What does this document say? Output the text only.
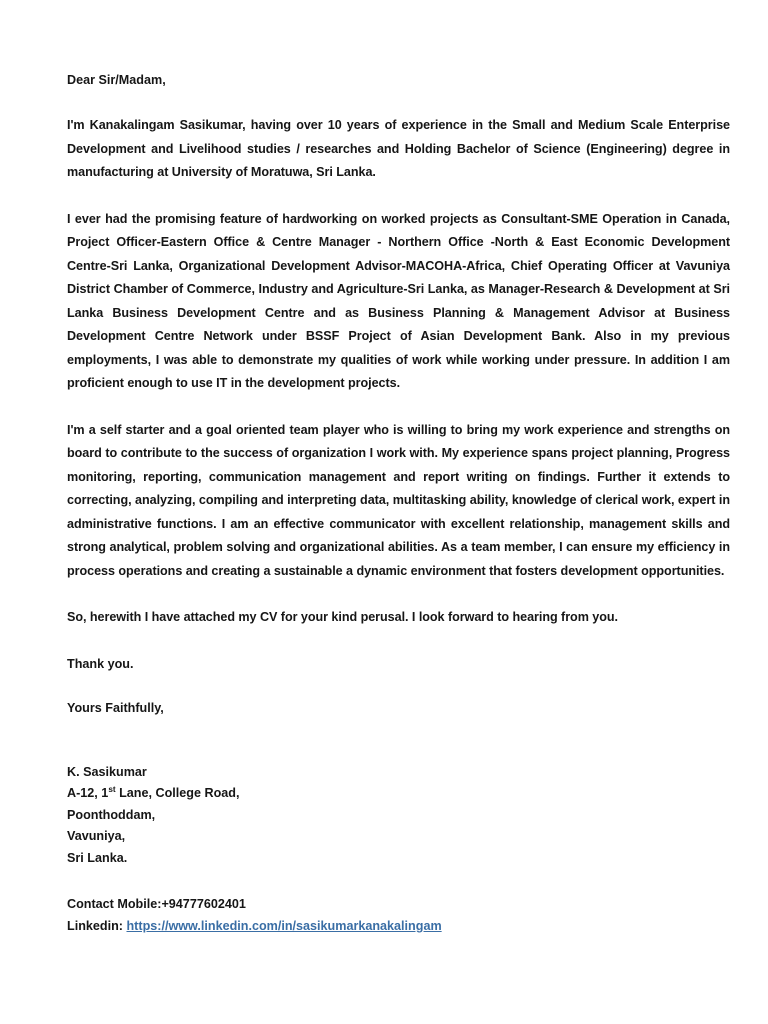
Dear Sir/Madam,

I'm Kanakalingam Sasikumar, having over 10 years of experience in the Small and Medium Scale Enterprise Development and Livelihood studies / researches and Holding Bachelor of Science (Engineering) degree in manufacturing at University of Moratuwa, Sri Lanka.

I ever had the promising feature of hardworking on worked projects as Consultant-SME Operation in Canada, Project Officer-Eastern Office & Centre Manager - Northern Office -North & East Economic Development Centre-Sri Lanka, Organizational Development Advisor-MACOHA-Africa, Chief Operating Officer at Vavuniya District Chamber of Commerce, Industry and Agriculture-Sri Lanka, as Manager-Research & Development at Sri Lanka Business Development Centre and as Business Planning & Management Advisor at Business Development Centre Network under BSSF Project of Asian Development Bank. Also in my previous employments, I was able to demonstrate my qualities of work while working under pressure. In addition I am proficient enough to use IT in the development projects.

I'm a self starter and a goal oriented team player who is willing to bring my work experience and strengths on board to contribute to the success of organization I work with. My experience spans project planning, Progress monitoring, reporting, communication management and report writing on findings. Further it extends to correcting, analyzing, compiling and interpreting data, multitasking ability, knowledge of clerical work, expert in administrative functions. I am an effective communicator with excellent relationship, management skills and strong analytical, problem solving and organizational abilities. As a team member, I can ensure my efficiency in process operations and creating a sustainable a dynamic environment that fosters development opportunities.

So, herewith I have attached my CV for your kind perusal. I look forward to hearing from you.

Thank you.

Yours Faithfully,

K. Sasikumar

A-12, 1st Lane, College Road,

Poonthoddam,

Vavuniya,

Sri Lanka.

Contact Mobile:+94777602401

Linkedin: https://www.linkedin.com/in/sasikumarkanakalingam
